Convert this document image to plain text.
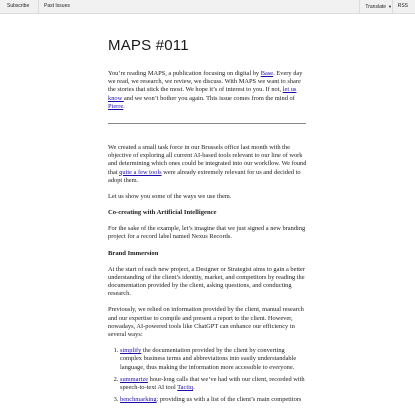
Subscribe	Past Issues	Translate ▼	RSS
MAPS #011

You’re reading MAPS, a publication focusing on digital by Base. Every day we read, we research, we review, we discuss. With MAPS we want to share the stories that stick the most. We hope it’s of interest to you. If not, let us know and we won’t bother you again. This issue comes from the mind of Pierre.

We created a small task force in our Brussels office last month with the objective of exploring all current AI-based tools relevant to our line of work and determining which ones could be integrated into our workflow. We found that quite a few tools were already extremely relevant for us and decided to adopt them.

Let us show you some of the ways we use them.

Co-creating with Artificial Intelligence

For the sake of the example, let’s imagine that we just signed a new branding project for a record label named Nexus Records.

Brand Immersion

At the start of each new project, a Designer or Strategist aims to gain a better understanding of the client’s identity, market, and competitors by reading the documentation provided by the client, asking questions, and conducting research.

Previously, we relied on information provided by the client, manual research and our expertise to compile and present a report to the client. However, nowadays, AI-powered tools like ChatGPT can enhance our efficiency in several ways:

1. simplify the documentation provided by the client by converting complex business terms and abbreviations into easily understandable language, thus making the information more accessible to everyone.
2. summarize hour-long calls that we’ve had with our client, recorded with speech-to-text AI tool Tactiq.
3. benchmarking: providing us with a list of the client’s main competitors
